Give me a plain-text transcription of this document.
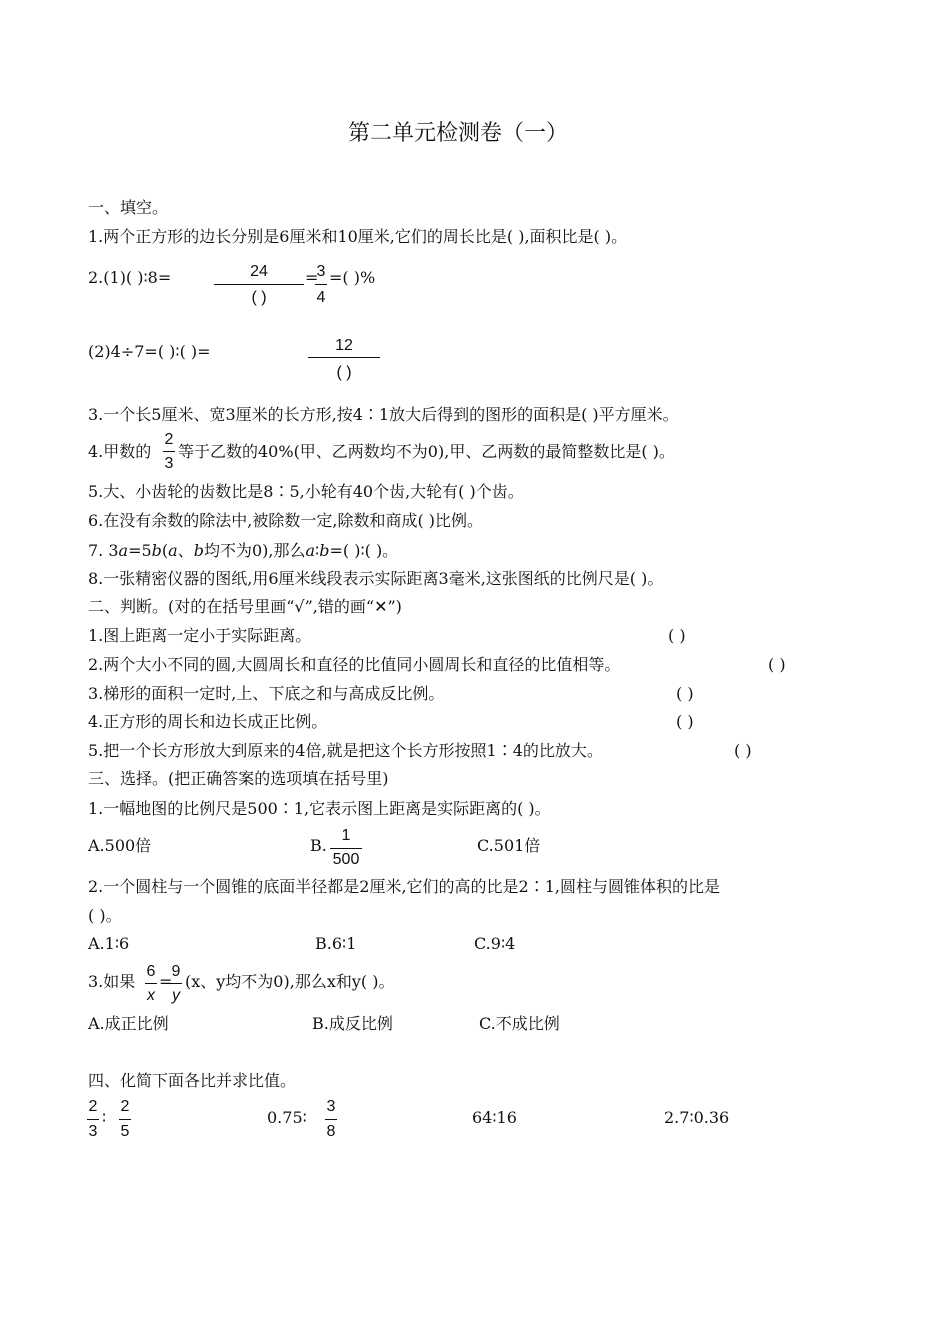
第二单元检测卷（一）
一、填空。
1.两个正方形的边长分别是6厘米和10厘米,它们的周长比是( ),面积比是( )。
2.(1)( )∶8=	24
( )
=
3
4
=( )%
(2)4÷7=( )∶( )=	12
( )
3.一个长5厘米、宽3厘米的长方形,按4∶1放大后得到的图形的面积是( )平方厘米。
4.甲数的
2
3
等于乙数的40%(甲、乙两数均不为0),甲、乙两数的最简整数比是( )。
5.大、小齿轮的齿数比是8∶5,小轮有40个齿,大轮有( )个齿。
6.在没有余数的除法中,被除数一定,除数和商成( )比例。
7. 3a=5b(a、b均不为0),那么a∶b=( )∶( )。
8.一张精密仪器的图纸,用6厘米线段表示实际距离3毫米,这张图纸的比例尺是( )。
二、判断。(对的在括号里画“√”,错的画“✕”)
1.图上距离一定小于实际距离。	( )
2.两个大小不同的圆,大圆周长和直径的比值同小圆周长和直径的比值相等。	( )
3.梯形的面积一定时,上、下底之和与高成反比例。	( )
4.正方形的周长和边长成正比例。	( )
5.把一个长方形放大到原来的4倍,就是把这个长方形按照1∶4的比放大。	( )
三、选择。(把正确答案的选项填在括号里)
1.一幅地图的比例尺是500∶1,它表示图上距离是实际距离的( )。
A.500倍	B.
1
500
C.501倍
2.一个圆柱与一个圆锥的底面半径都是2厘米,它们的高的比是2∶1,圆柱与圆锥体积的比是
( )。
A.1∶6	B.6∶1	C.9∶4
3.如果
6
x
=
9
y
(x、y均不为0),那么x和y( )。
A.成正比例	B.成反比例	C.不成比例
四、化简下面各比并求比值。
2
3
∶
2
5
0.75∶
3
8
64∶16	2.7∶0.36
